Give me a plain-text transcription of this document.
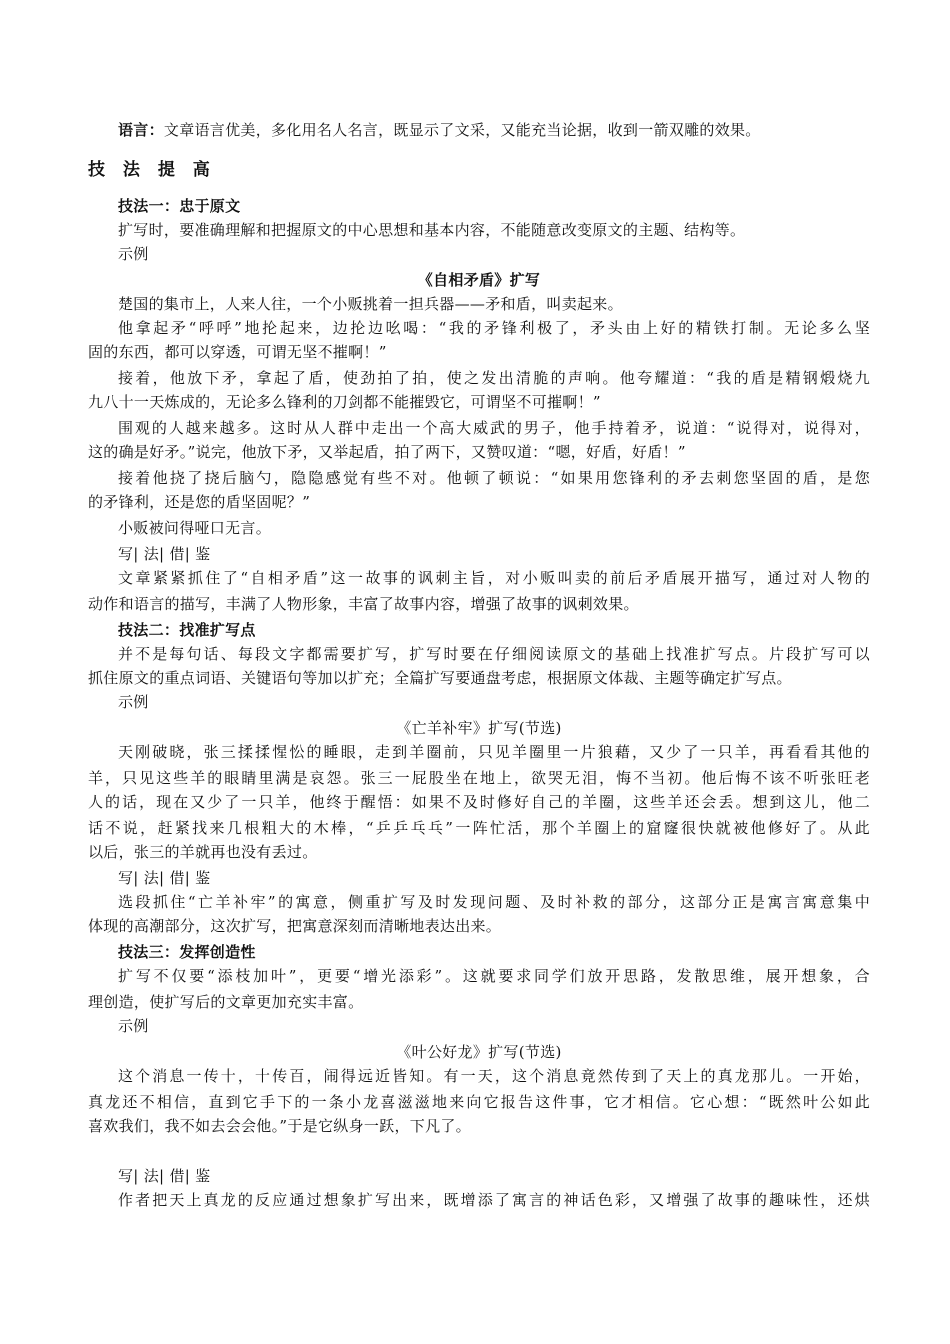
语言：文章语言优美，多化用名人名言，既显示了文采，又能充当论据，收到一箭双雕的效果。
技 法 提 高
技法一：忠于原文
扩写时，要准确理解和把握原文的中心思想和基本内容，不能随意改变原文的主题、结构等。
示例
《自相矛盾》扩写
楚国的集市上，人来人往，一个小贩挑着一担兵器——矛和盾，叫卖起来。
他拿起矛“呼呼”地抡起来，边抡边吆喝：“我的矛锋利极了，矛头由上好的精铁打制。无论多么坚
固的东西，都可以穿透，可谓无坚不摧啊！”
接着，他放下矛，拿起了盾，使劲拍了拍，使之发出清脆的声响。他夸耀道：“我的盾是精钢煅烧九
九八十一天炼成的，无论多么锋利的刀剑都不能摧毁它，可谓坚不可摧啊！”
围观的人越来越多。这时从人群中走出一个高大威武的男子，他手持着矛，说道：“说得对，说得对，
这的确是好矛。”说完，他放下矛，又举起盾，拍了两下，又赞叹道：“嗯，好盾，好盾！”
接着他挠了挠后脑勺，隐隐感觉有些不对。他顿了顿说：“如果用您锋利的矛去刺您坚固的盾，是您
的矛锋利，还是您的盾坚固呢？”
小贩被问得哑口无言。
写| 法| 借| 鉴
文章紧紧抓住了“自相矛盾”这一故事的讽刺主旨，对小贩叫卖的前后矛盾展开描写，通过对人物的
动作和语言的描写，丰满了人物形象，丰富了故事内容，增强了故事的讽刺效果。
技法二：找准扩写点
并不是每句话、每段文字都需要扩写，扩写时要在仔细阅读原文的基础上找准扩写点。片段扩写可以
抓住原文的重点词语、关键语句等加以扩充；全篇扩写要通盘考虑，根据原文体裁、主题等确定扩写点。
示例
《亡羊补牢》扩写(节选)
天刚破晓，张三揉揉惺忪的睡眼，走到羊圈前，只见羊圈里一片狼藉，又少了一只羊，再看看其他的
羊，只见这些羊的眼睛里满是哀怨。张三一屁股坐在地上，欲哭无泪，悔不当初。他后悔不该不听张旺老
人的话，现在又少了一只羊，他终于醒悟：如果不及时修好自己的羊圈，这些羊还会丢。想到这儿，他二
话不说，赶紧找来几根粗大的木棒，“乒乒乓乓”一阵忙活，那个羊圈上的窟窿很快就被他修好了。从此
以后，张三的羊就再也没有丢过。
写| 法| 借| 鉴
选段抓住“亡羊补牢”的寓意，侧重扩写及时发现问题、及时补救的部分，这部分正是寓言寓意集中
体现的高潮部分，这次扩写，把寓意深刻而清晰地表达出来。
技法三：发挥创造性
扩写不仅要“添枝加叶”，更要“增光添彩”。这就要求同学们放开思路，发散思维，展开想象，合
理创造，使扩写后的文章更加充实丰富。
示例
《叶公好龙》扩写(节选)
这个消息一传十，十传百，闹得远近皆知。有一天，这个消息竟然传到了天上的真龙那儿。一开始，
真龙还不相信，直到它手下的一条小龙喜滋滋地来向它报告这件事，它才相信。它心想：“既然叶公如此
喜欢我们，我不如去会会他。”于是它纵身一跃，下凡了。
写| 法| 借| 鉴
作者把天上真龙的反应通过想象扩写出来，既增添了寓言的神话色彩，又增强了故事的趣味性，还烘
